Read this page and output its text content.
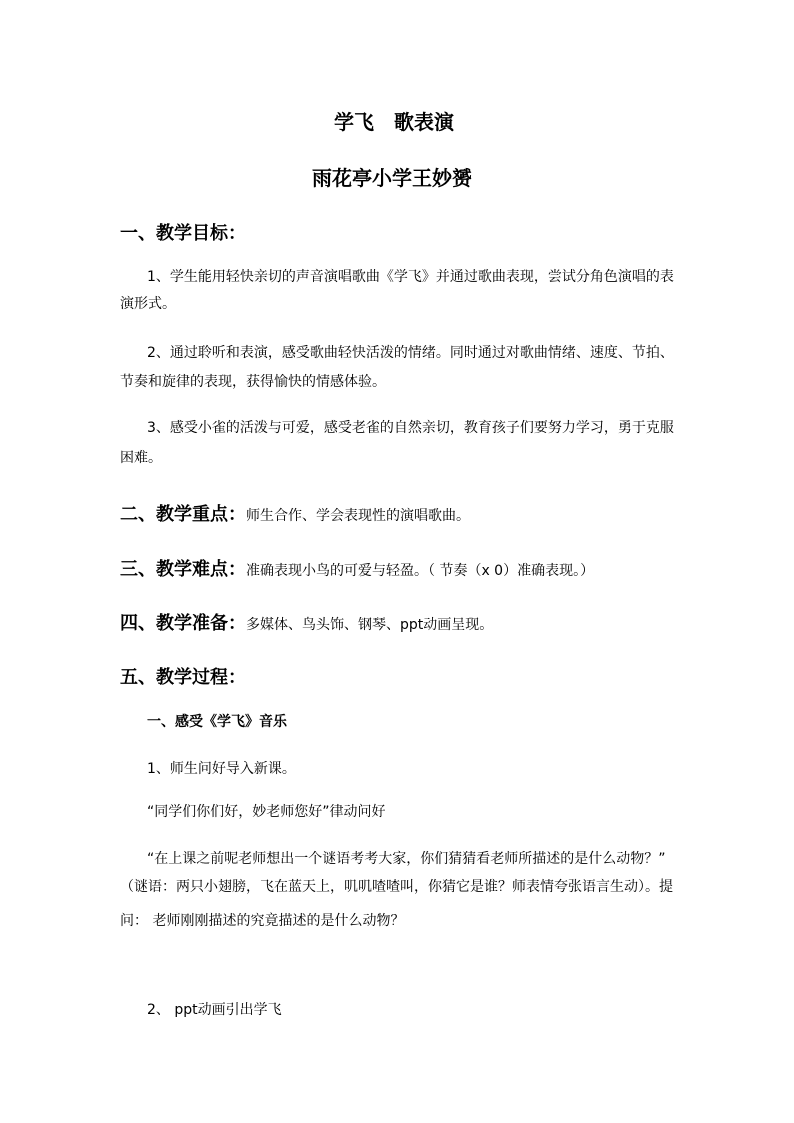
学飞　歌表演
雨花亭小学王妙赟
一、教学目标：
1、学生能用轻快亲切的声音演唱歌曲《学飞》并通过歌曲表现，尝试分角色演唱的表
演形式。
2、通过聆听和表演，感受歌曲轻快活泼的情绪。同时通过对歌曲情绪、速度、节拍、
节奏和旋律的表现，获得愉快的情感体验。
3、感受小雀的活泼与可爱，感受老雀的自然亲切，教育孩子们要努力学习，勇于克服
困难。
二、教学重点：师生合作、学会表现性的演唱歌曲。
三、教学难点：准确表现小鸟的可爱与轻盈。（ 节奏（x 0）准确表现。）
四、教学准备：多媒体、鸟头饰、钢琴、ppt动画呈现。
五、教学过程：
一、感受《学飞》音乐
1、师生问好导入新课。
“同学们你们好，妙老师您好”律动问好
“在上课之前呢老师想出一个谜语考考大家，你们猜猜看老师所描述的是什么动物？”
（谜语：两只小翅膀，飞在蓝天上，叽叽喳喳叫，你猜它是谁？师表情夸张语言生动）。提
问： 老师刚刚描述的究竟描述的是什么动物？
2、 ppt动画引出学飞
